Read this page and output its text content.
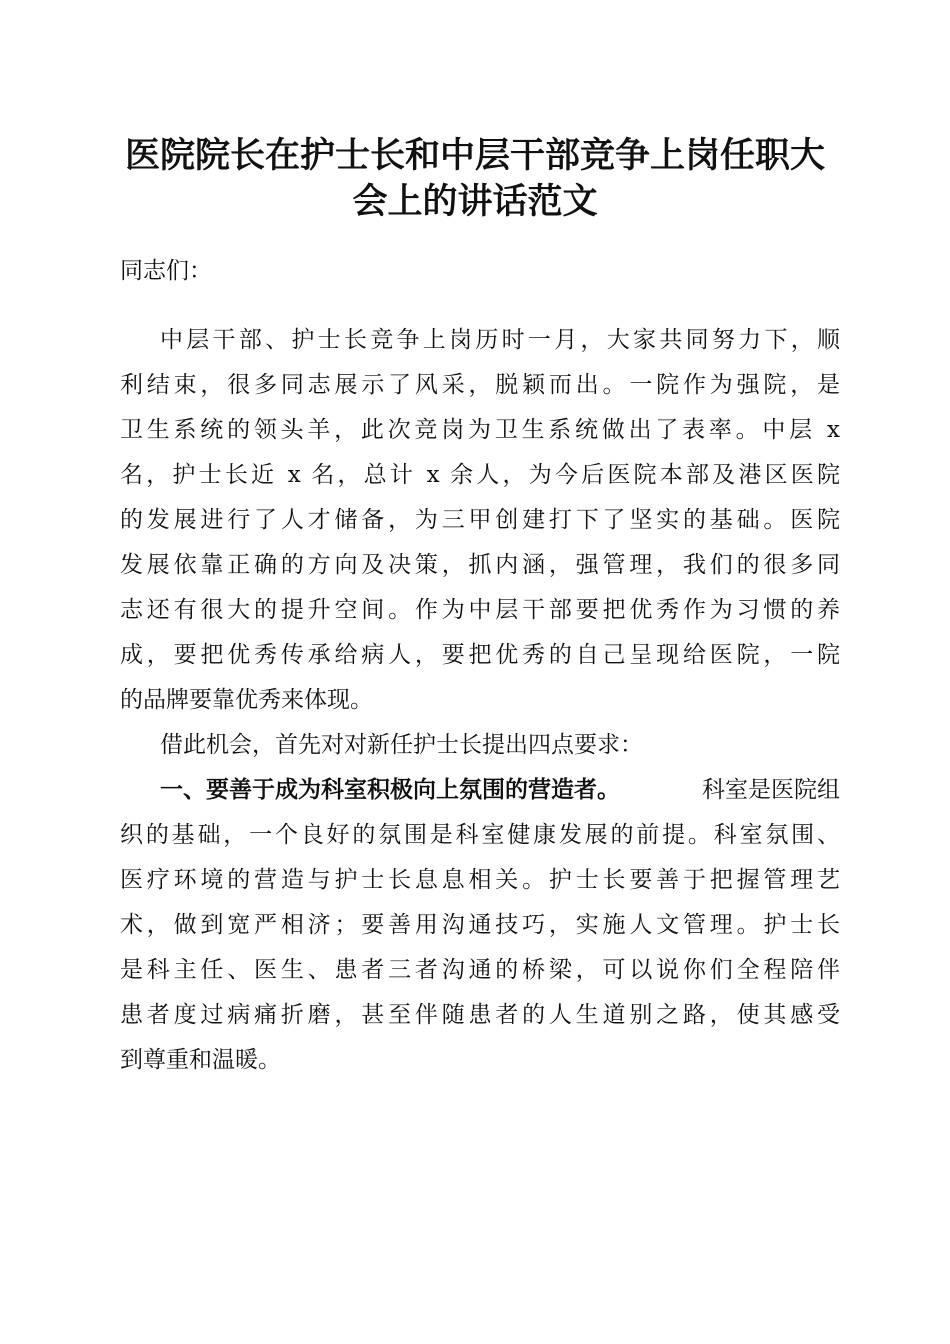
医院院长在护士长和中层干部竞争上岗任职大
会上的讲话范文

同志们：

中层干部、护士长竞争上岗历时一月，大家共同努力下，顺

利结束，很多同志展示了风采，脱颖而出。一院作为强院，是

卫生系统的领头羊，此次竞岗为卫生系统做出了表率。中层 x

名，护士长近 x 名，总计 x 余人，为今后医院本部及港区医院

的发展进行了人才储备，为三甲创建打下了坚实的基础。医院

发展依靠正确的方向及决策，抓内涵，强管理，我们的很多同

志还有很大的提升空间。作为中层干部要把优秀作为习惯的养

成，要把优秀传承给病人，要把优秀的自己呈现给医院，一院

的品牌要靠优秀来体现。

借此机会，首先对对新任护士长提出四点要求：

一、要善于成为科室积极向上氛围的营造者。	科室是医院组

织的基础，一个良好的氛围是科室健康发展的前提。科室氛围、

医疗环境的营造与护士长息息相关。护士长要善于把握管理艺

术，做到宽严相济；要善用沟通技巧，实施人文管理。护士长

是科主任、医生、患者三者沟通的桥梁，可以说你们全程陪伴

患者度过病痛折磨，甚至伴随患者的人生道别之路，使其感受

到尊重和温暖。
